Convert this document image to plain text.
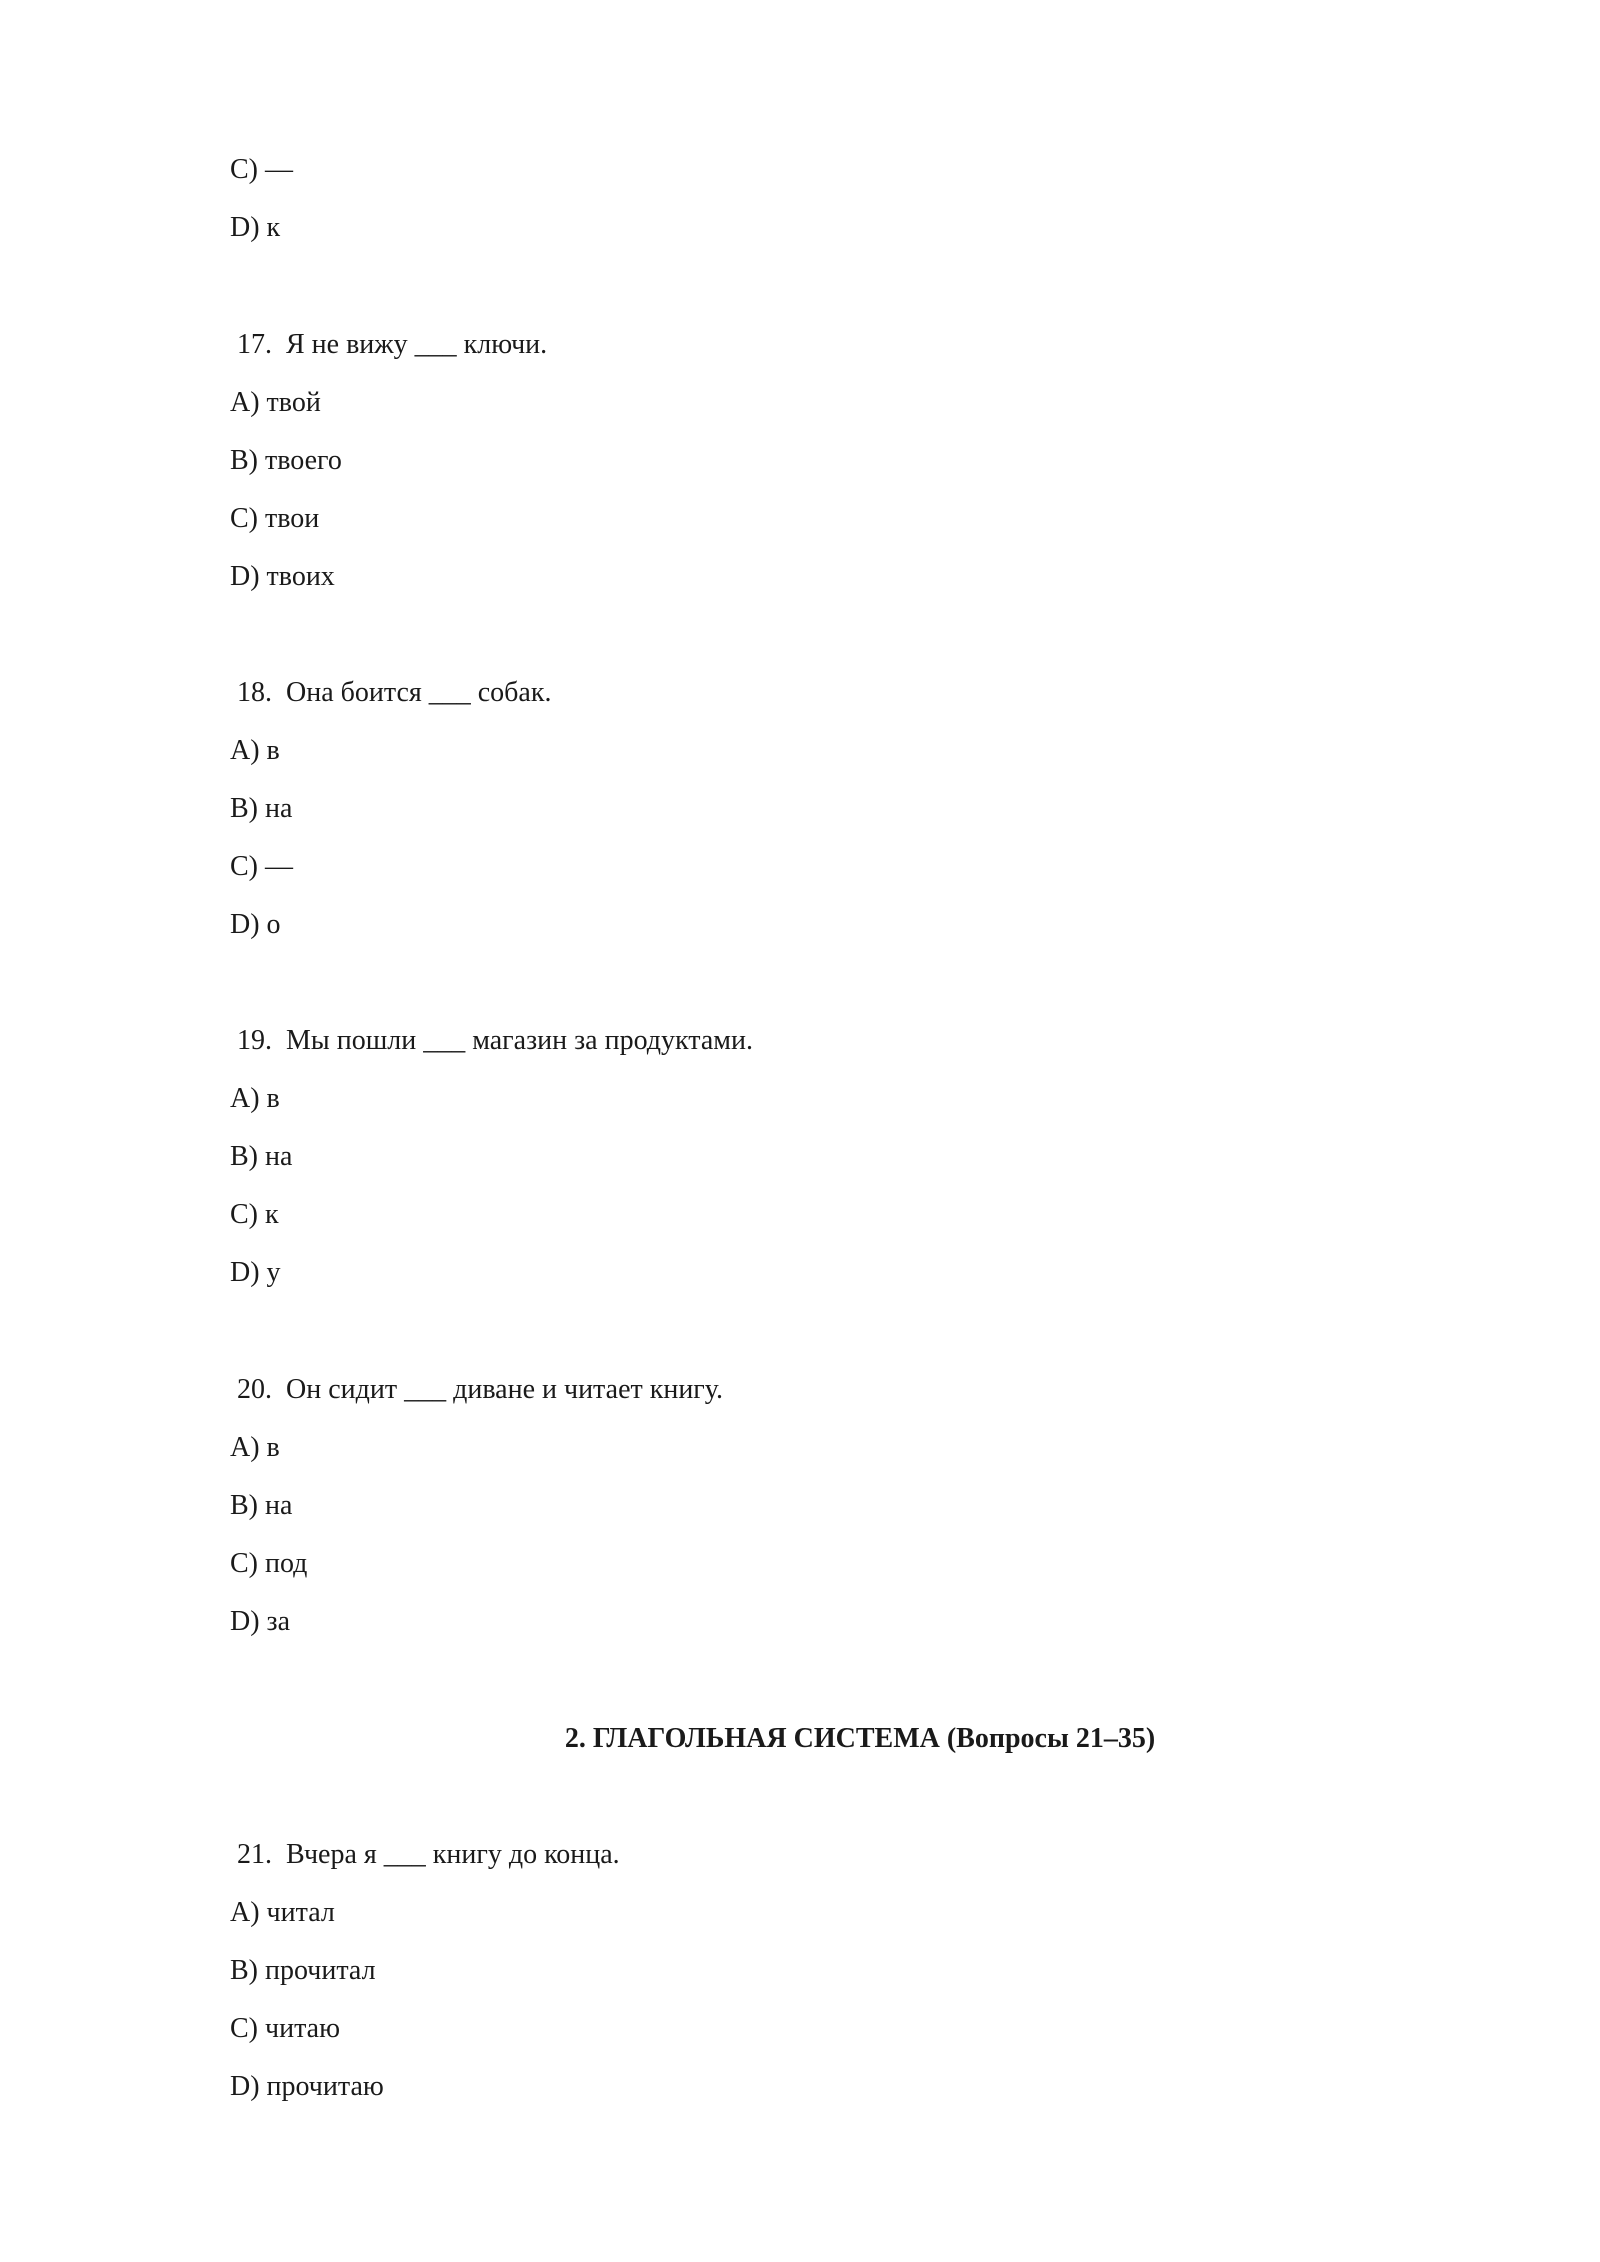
C) —
D) к
17. Я не вижу ___ ключи.
A) твой
B) твоего
C) твои
D) твоих
18. Она боится ___ собак.
A) в
B) на
C) —
D) о
19. Мы пошли ___ магазин за продуктами.
A) в
B) на
C) к
D) у
20. Он сидит ___ диване и читает книгу.
A) в
B) на
C) под
D) за
2. ГЛАГОЛЬНАЯ СИСТЕМА (Вопросы 21–35)
21. Вчера я ___ книгу до конца.
A) читал
B) прочитал
C) читаю
D) прочитаю
